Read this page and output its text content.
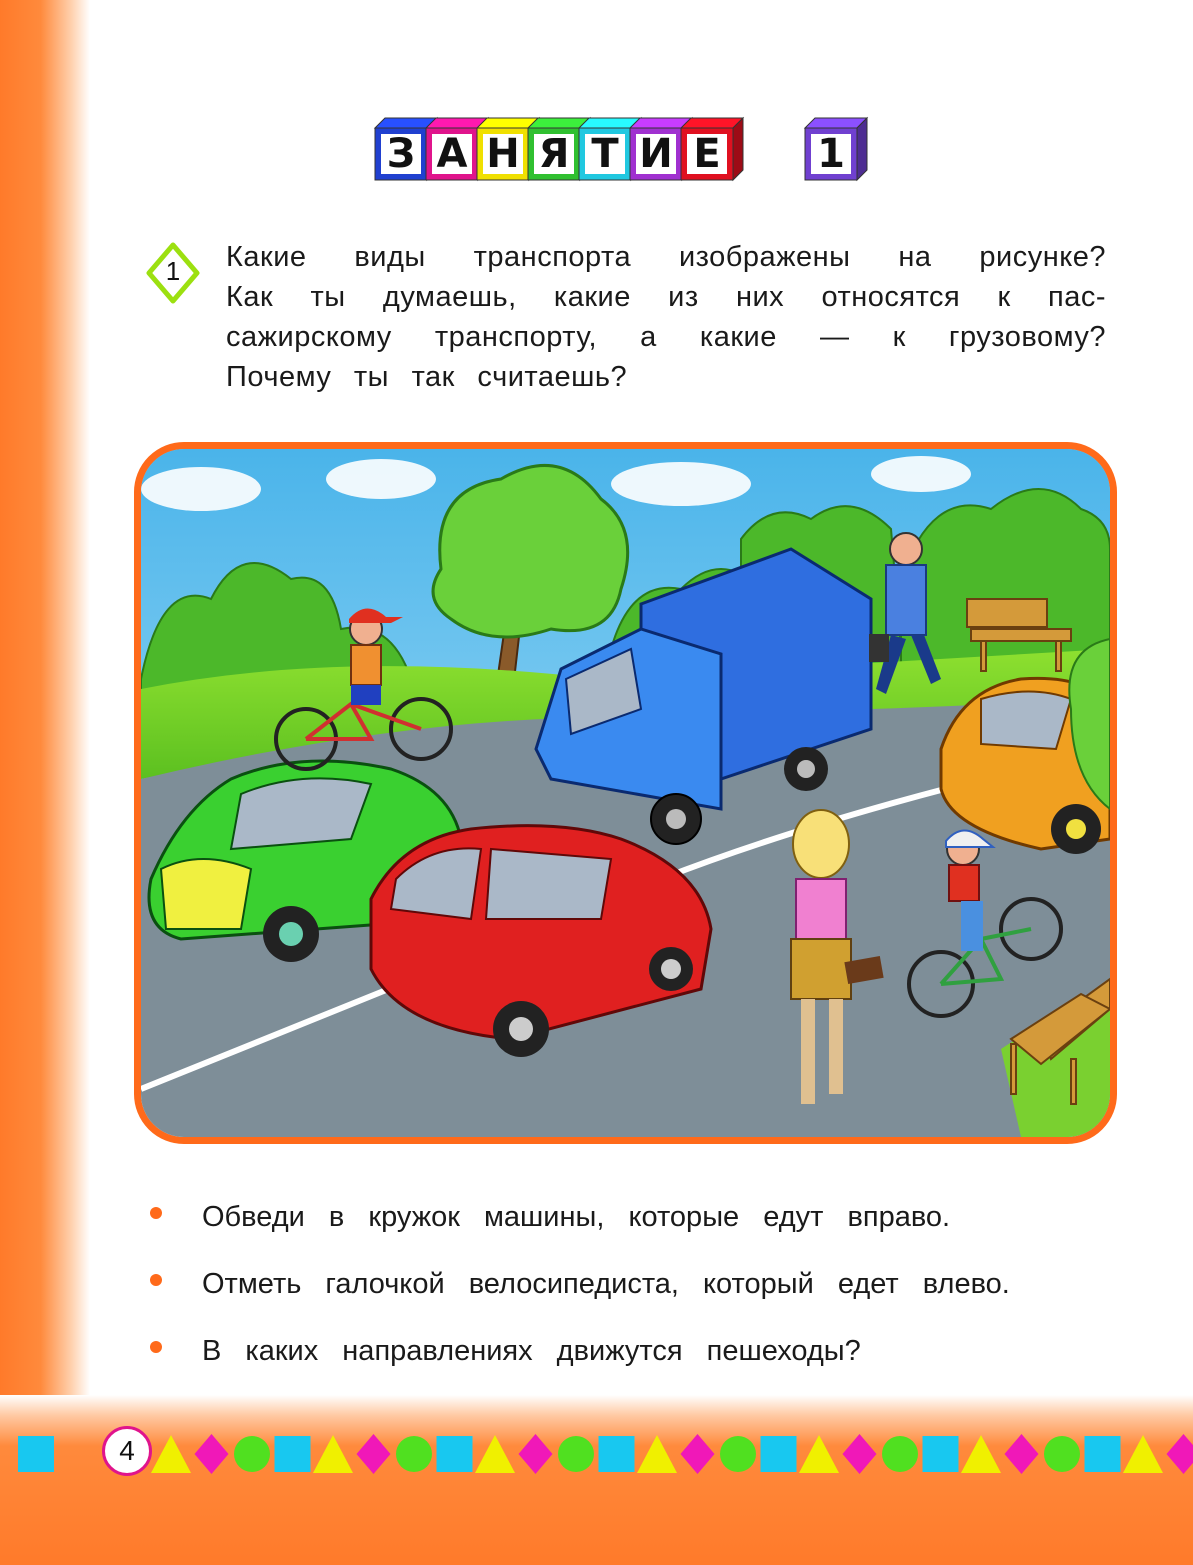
З А Н Я Т И Е	1
1	Какие виды транспорта изображены на рисунке?
Как ты думаешь, какие из них относятся к пас-
сажирскому транспорту, а какие — к грузовому?
Почему ты так считаешь?
Обведи в кружок машины, которые едут вправо.
Отметь галочкой велосипедиста, который едет влево.
В каких направлениях движутся пешеходы?
4
